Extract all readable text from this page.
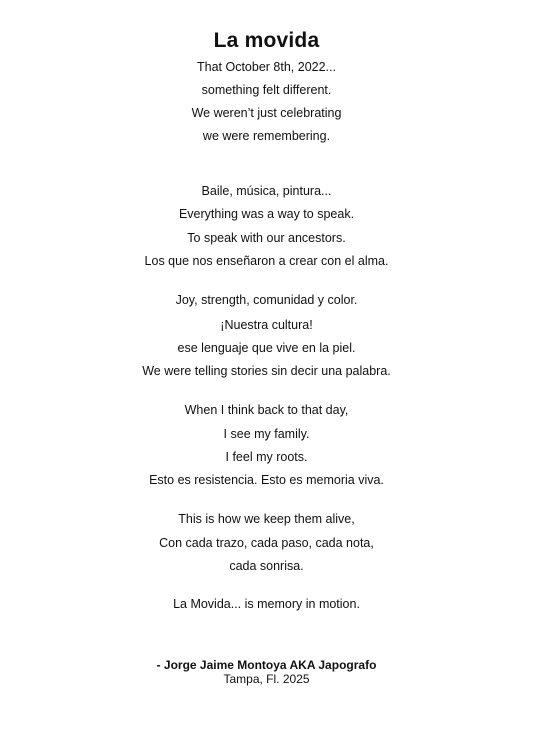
La movida
That October 8th, 2022...
something felt different.
We weren’t just celebrating
we were remembering.
Baile, música, pintura...
Everything was a way to speak.
To speak with our ancestors.
Los que nos enseñaron a crear con el alma.
Joy, strength, comunidad y color.
¡Nuestra cultura!
ese lenguaje que vive en la piel.
We were telling stories sin decir una palabra.
When I think back to that day,
I see my family.
I feel my roots.
Esto es resistencia. Esto es memoria viva.
This is how we keep them alive,
Con cada trazo, cada paso, cada nota,
cada sonrisa.
La Movida... is memory in motion.
- Jorge Jaime Montoya AKA Japografo
Tampa, Fl. 2025
